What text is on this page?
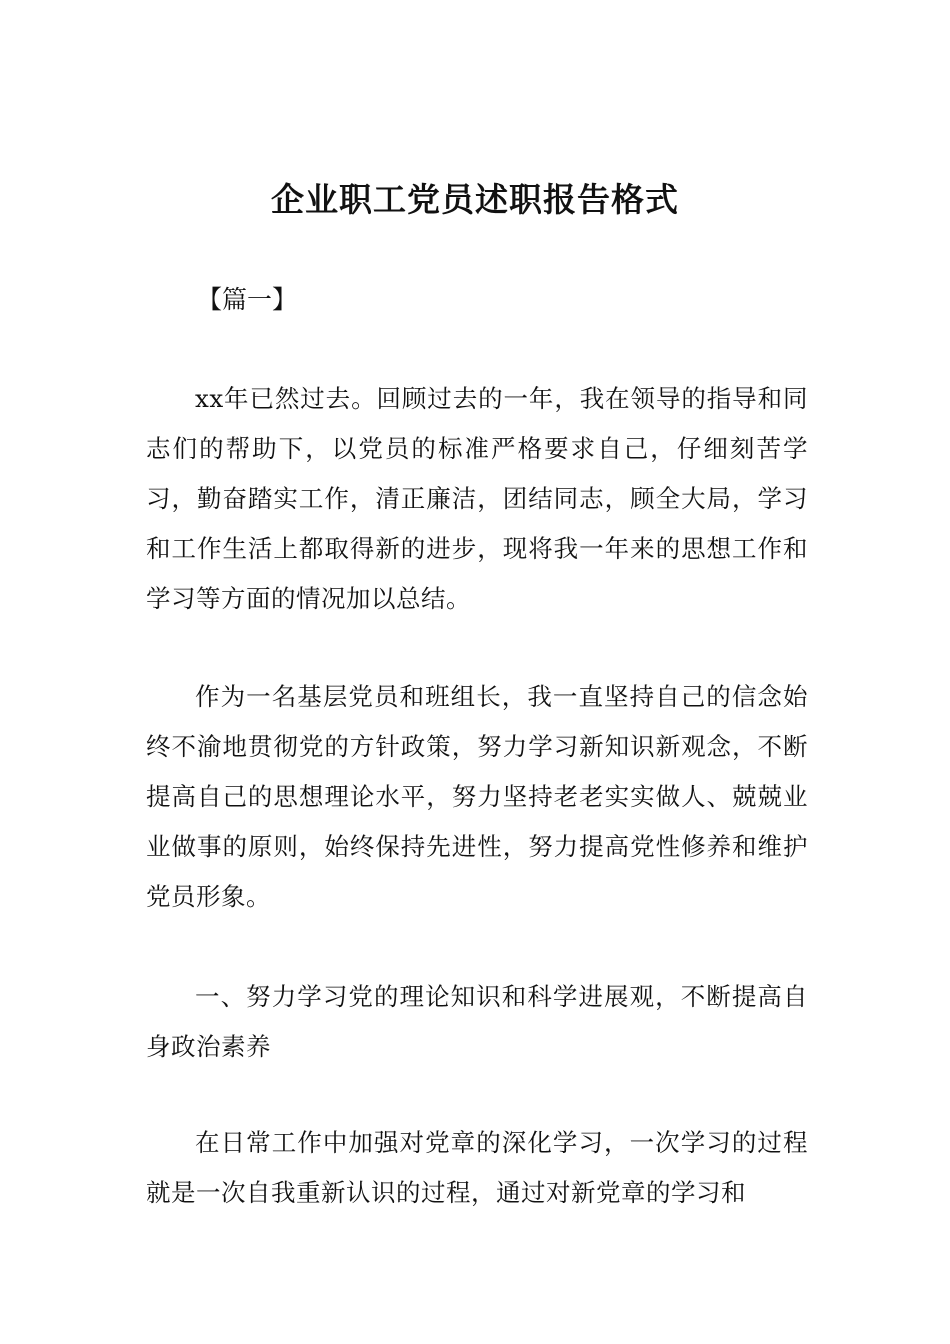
企业职工党员述职报告格式
【篇一】

xx年已然过去。回顾过去的一年，我在领导的指导和同志们的帮助下，以党员的标准严格要求自己，仔细刻苦学习，勤奋踏实工作，清正廉洁，团结同志，顾全大局，学习和工作生活上都取得新的进步，现将我一年来的思想工作和学习等方面的情况加以总结。

作为一名基层党员和班组长，我一直坚持自己的信念始终不渝地贯彻党的方针政策，努力学习新知识新观念，不断提高自己的思想理论水平，努力坚持老老实实做人、兢兢业业做事的原则，始终保持先进性，努力提高党性修养和维护党员形象。

一、努力学习党的理论知识和科学进展观，不断提高自身政治素养

在日常工作中加强对党章的深化学习，一次学习的过程就是一次自我重新认识的过程，通过对新党章的学习和
